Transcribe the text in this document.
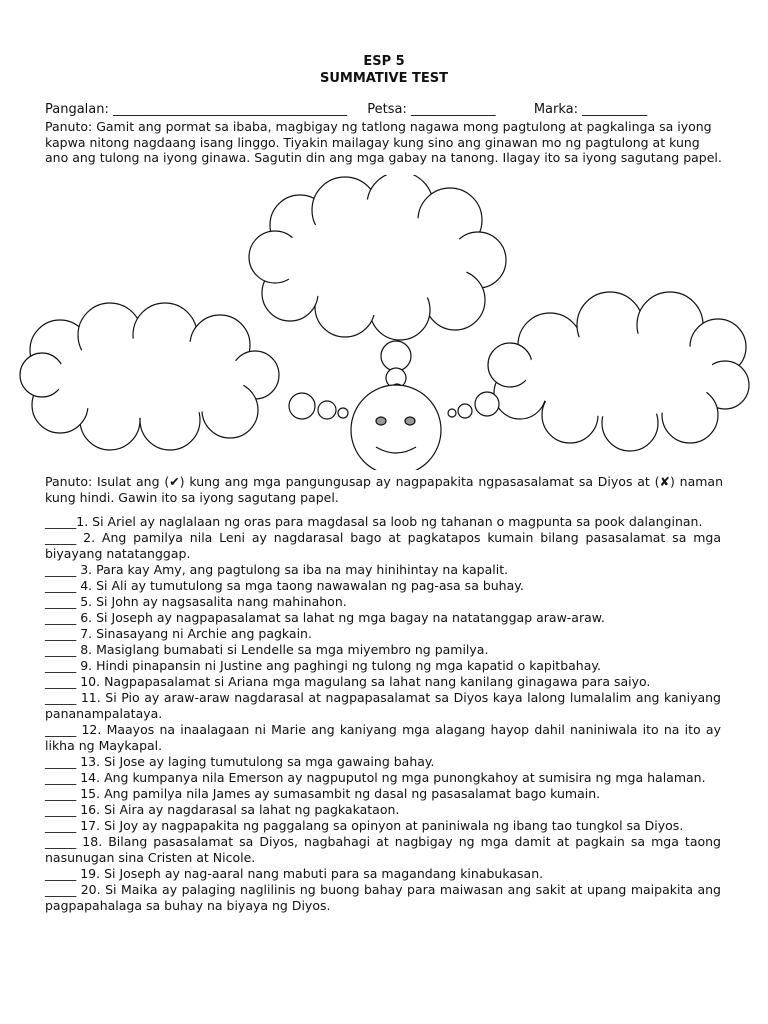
ESP 5
SUMMATIVE TEST
Pangalan: ____________________________________ Petsa: _____________	Marka: __________
Panuto: Gamit ang pormat sa ibaba, magbigay ng tatlong nagawa mong pagtulong at pagkalinga sa iyong kapwa nitong nagdaang isang linggo. Tiyakin mailagay kung sino ang ginawan mo ng pagtulong at kung ano ang tulong na iyong ginawa. Sagutin din ang mga gabay na tanong. Ilagay ito sa iyong sagutang papel.
Panuto: Isulat ang (✔) kung ang mga pangungusap ay nagpapakita ngpasasalamat sa Diyos at (✘) naman kung hindi. Gawin ito sa iyong sagutang papel.
_____1. Si Ariel ay naglalaan ng oras para magdasal sa loob ng tahanan o magpunta sa pook dalanginan.
_____ 2. Ang pamilya nila Leni ay nagdarasal bago at pagkatapos kumain bilang pasasalamat sa mga biyayang natatanggap.
_____ 3. Para kay Amy, ang pagtulong sa iba na may hinihintay na kapalit.
_____ 4. Si Ali ay tumutulong sa mga taong nawawalan ng pag-asa sa buhay.
_____ 5. Si John ay nagsasalita nang mahinahon.
_____ 6. Si Joseph ay nagpapasalamat sa lahat ng mga bagay na natatanggap araw-araw.
_____ 7. Sinasayang ni Archie ang pagkain.
_____ 8. Masiglang bumabati si Lendelle sa mga miyembro ng pamilya.
_____ 9. Hindi pinapansin ni Justine ang paghingi ng tulong ng mga kapatid o kapitbahay.
_____ 10. Nagpapasalamat si Ariana mga magulang sa lahat nang kanilang ginagawa para saiyo.
_____ 11. Si Pio ay araw-araw nagdarasal at nagpapasalamat sa Diyos kaya lalong lumalalim ang kaniyang pananampalataya.
_____ 12. Maayos na inaalagaan ni Marie ang kaniyang mga alagang hayop dahil naniniwala ito na ito ay likha ng Maykapal.
_____ 13. Si Jose ay laging tumutulong sa mga gawaing bahay.
_____ 14. Ang kumpanya nila Emerson ay nagpuputol ng mga punongkahoy at sumisira ng mga halaman.
_____ 15. Ang pamilya nila James ay sumasambit ng dasal ng pasasalamat bago kumain.
_____ 16. Si Aira ay nagdarasal sa lahat ng pagkakataon.
_____ 17. Si Joy ay nagpapakita ng paggalang sa opinyon at paniniwala ng ibang tao tungkol sa Diyos.
_____ 18. Bilang pasasalamat sa Diyos, nagbahagi at nagbigay ng mga damit at pagkain sa mga taong nasunugan sina Cristen at Nicole.
_____ 19. Si Joseph ay nag-aaral nang mabuti para sa magandang kinabukasan.
_____ 20. Si Maika ay palaging naglilinis ng buong bahay para maiwasan ang sakit at upang maipakita ang pagpapahalaga sa buhay na biyaya ng Diyos.
